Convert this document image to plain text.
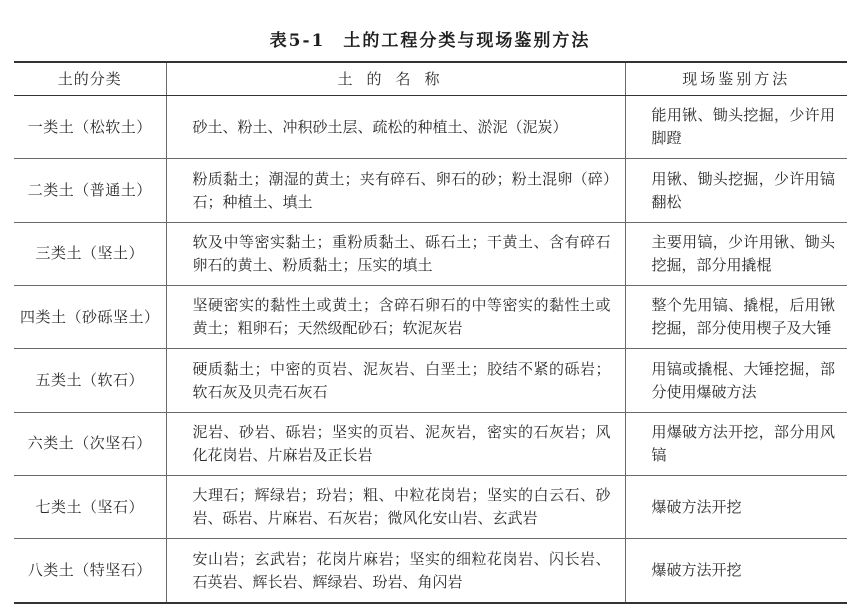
表5-1 土的工程分类与现场鉴别方法
土的分类	土的名称	现场鉴别方法
一类土（松软土）	砂土、粉土、冲积砂土层、疏松的种植土、淤泥（泥炭）	能用锹、锄头挖掘，少许用脚蹬
二类土（普通土）	粉质黏土；潮湿的黄土；夹有碎石、卵石的砂；粉土混卵（碎）石；种植土、填土	用锹、锄头挖掘，少许用镐翻松
三类土（坚土）	软及中等密实黏土；重粉质黏土、砾石土；干黄土、含有碎石卵石的黄土、粉质黏土；压实的填土	主要用镐，少许用锹、锄头挖掘，部分用撬棍
四类土（砂砾坚土）	坚硬密实的黏性土或黄土；含碎石卵石的中等密实的黏性土或黄土；粗卵石；天然级配砂石；软泥灰岩	整个先用镐、撬棍，后用锹挖掘，部分使用楔子及大锤
五类土（软石）	硬质黏土；中密的页岩、泥灰岩、白垩土；胶结不紧的砾岩；软石灰及贝壳石灰石	用镐或撬棍、大锤挖掘，部分使用爆破方法
六类土（次坚石）	泥岩、砂岩、砾岩；坚实的页岩、泥灰岩，密实的石灰岩；风化花岗岩、片麻岩及正长岩	用爆破方法开挖，部分用风镐
七类土（坚石）	大理石；辉绿岩；玢岩；粗、中粒花岗岩；坚实的白云石、砂岩、砾岩、片麻岩、石灰岩；微风化安山岩、玄武岩	爆破方法开挖
八类土（特坚石）	安山岩；玄武岩；花岗片麻岩；坚实的细粒花岗岩、闪长岩、石英岩、辉长岩、辉绿岩、玢岩、角闪岩	爆破方法开挖
